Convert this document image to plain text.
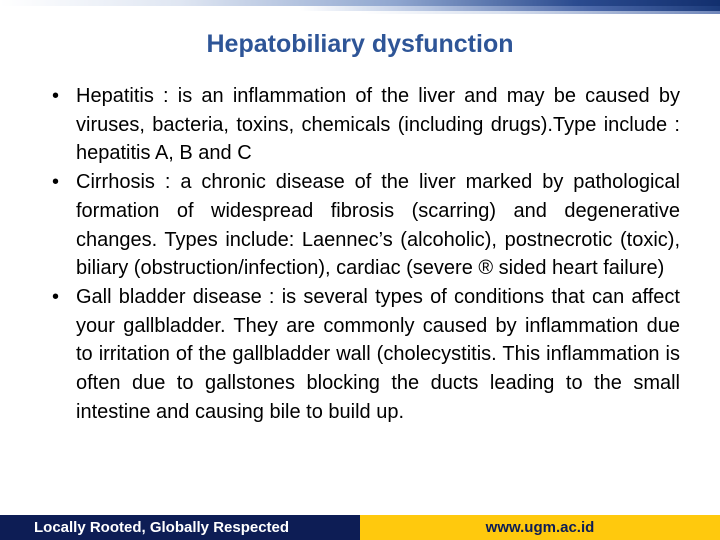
Hepatobiliary dysfunction
• Hepatitis : is an inflammation of the liver and may be caused by viruses, bacteria, toxins, chemicals (including drugs).Type include : hepatitis A, B and C
• Cirrhosis : a chronic disease of the liver marked by pathological formation of widespread fibrosis (scarring) and degenerative changes. Types include: Laennec’s (alcoholic), postnecrotic (toxic), biliary (obstruction/infection), cardiac (severe ® sided heart failure)
• Gall bladder disease : is several types of conditions that can affect your gallbladder. They are commonly caused by inflammation due to irritation of the gallbladder wall (cholecystitis. This inflammation is often due to gallstones blocking the ducts leading to the small intestine and causing bile to build up.
Locally Rooted, Globally Respected	www.ugm.ac.id
